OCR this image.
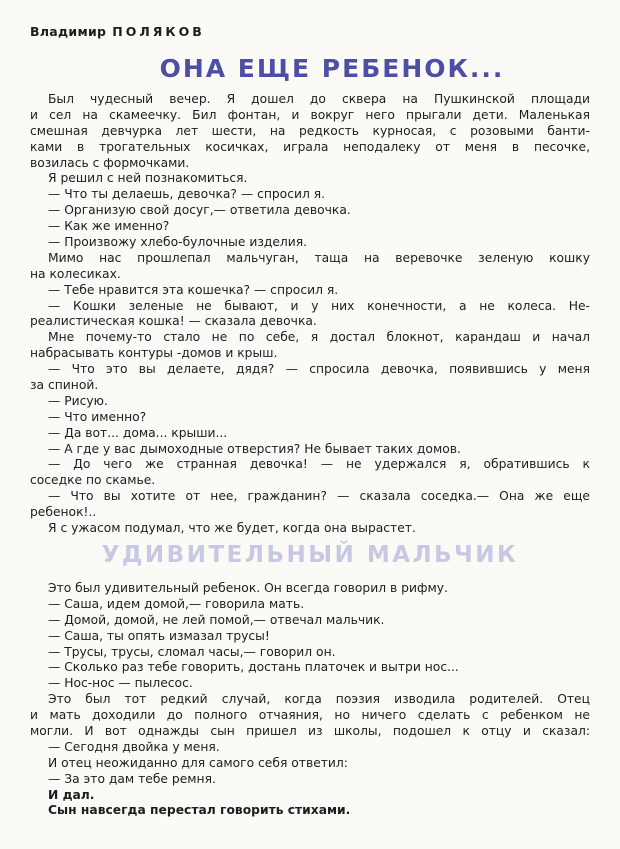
Владимир ПОЛЯКОВ
ОНА ЕЩЕ РЕБЕНОК...
Был чудесный вечер. Я дошел до сквера на Пушкинской площади
и сел на скамеечку. Бил фонтан, и вокруг него прыгали дети. Маленькая
смешная девчурка лет шести, на редкость курносая, с розовыми банти-
ками в трогательных косичках, играла неподалеку от меня в песочке,
возилась с формочками.
Я решил с ней познакомиться.
— Что ты делаешь, девочка? — спросил я.
— Организую свой досуг,— ответила девочка.
— Как же именно?
— Произвожу хлебо-булочные изделия.
Мимо нас прошлепал мальчуган, таща на веревочке зеленую кошку
на колесиках.
— Тебе нравится эта кошечка? — спросил я.
— Кошки зеленые не бывают, и у них конечности, а не колеса. Не-
реалистическая кошка! — сказала девочка.
Мне почему-то стало не по себе, я достал блокнот, карандаш и начал
набрасывать контуры -домов и крыш.
— Что это вы делаете, дядя? — спросила девочка, появившись у меня
за спиной.
— Рисую.
— Что именно?
— Да вот... дома... крыши...
— А где у вас дымоходные отверстия? Не бывает таких домов.
— До чего же странная девочка! — не удержался я, обратившись к
соседке по скамье.
— Что вы хотите от нее, гражданин? — сказала соседка.— Она же еще
ребенок!..
Я с ужасом подумал, что же будет, когда она вырастет.
УДИВИТЕЛЬНЫЙ МАЛЬЧИК
Это был удивительный ребенок. Он всегда говорил в рифму.
— Саша, идем домой,— говорила мать.
— Домой, домой, не лей помой,— отвечал мальчик.
— Саша, ты опять измазал трусы!
— Трусы, трусы, сломал часы,— говорил он.
— Сколько раз тебе говорить, достань платочек и вытри нос...
— Нос-нос — пылесос.
Это был тот редкий случай, когда поэзия изводила родителей. Отец
и мать доходили до полного отчаяния, но ничего сделать с ребенком не
могли. И вот однажды сын пришел из школы, подошел к отцу и сказал:
— Сегодня двойка у меня.
И отец неожиданно для самого себя ответил:
— За это дам тебе ремня.
И дал.
Сын навсегда перестал говорить стихами.
